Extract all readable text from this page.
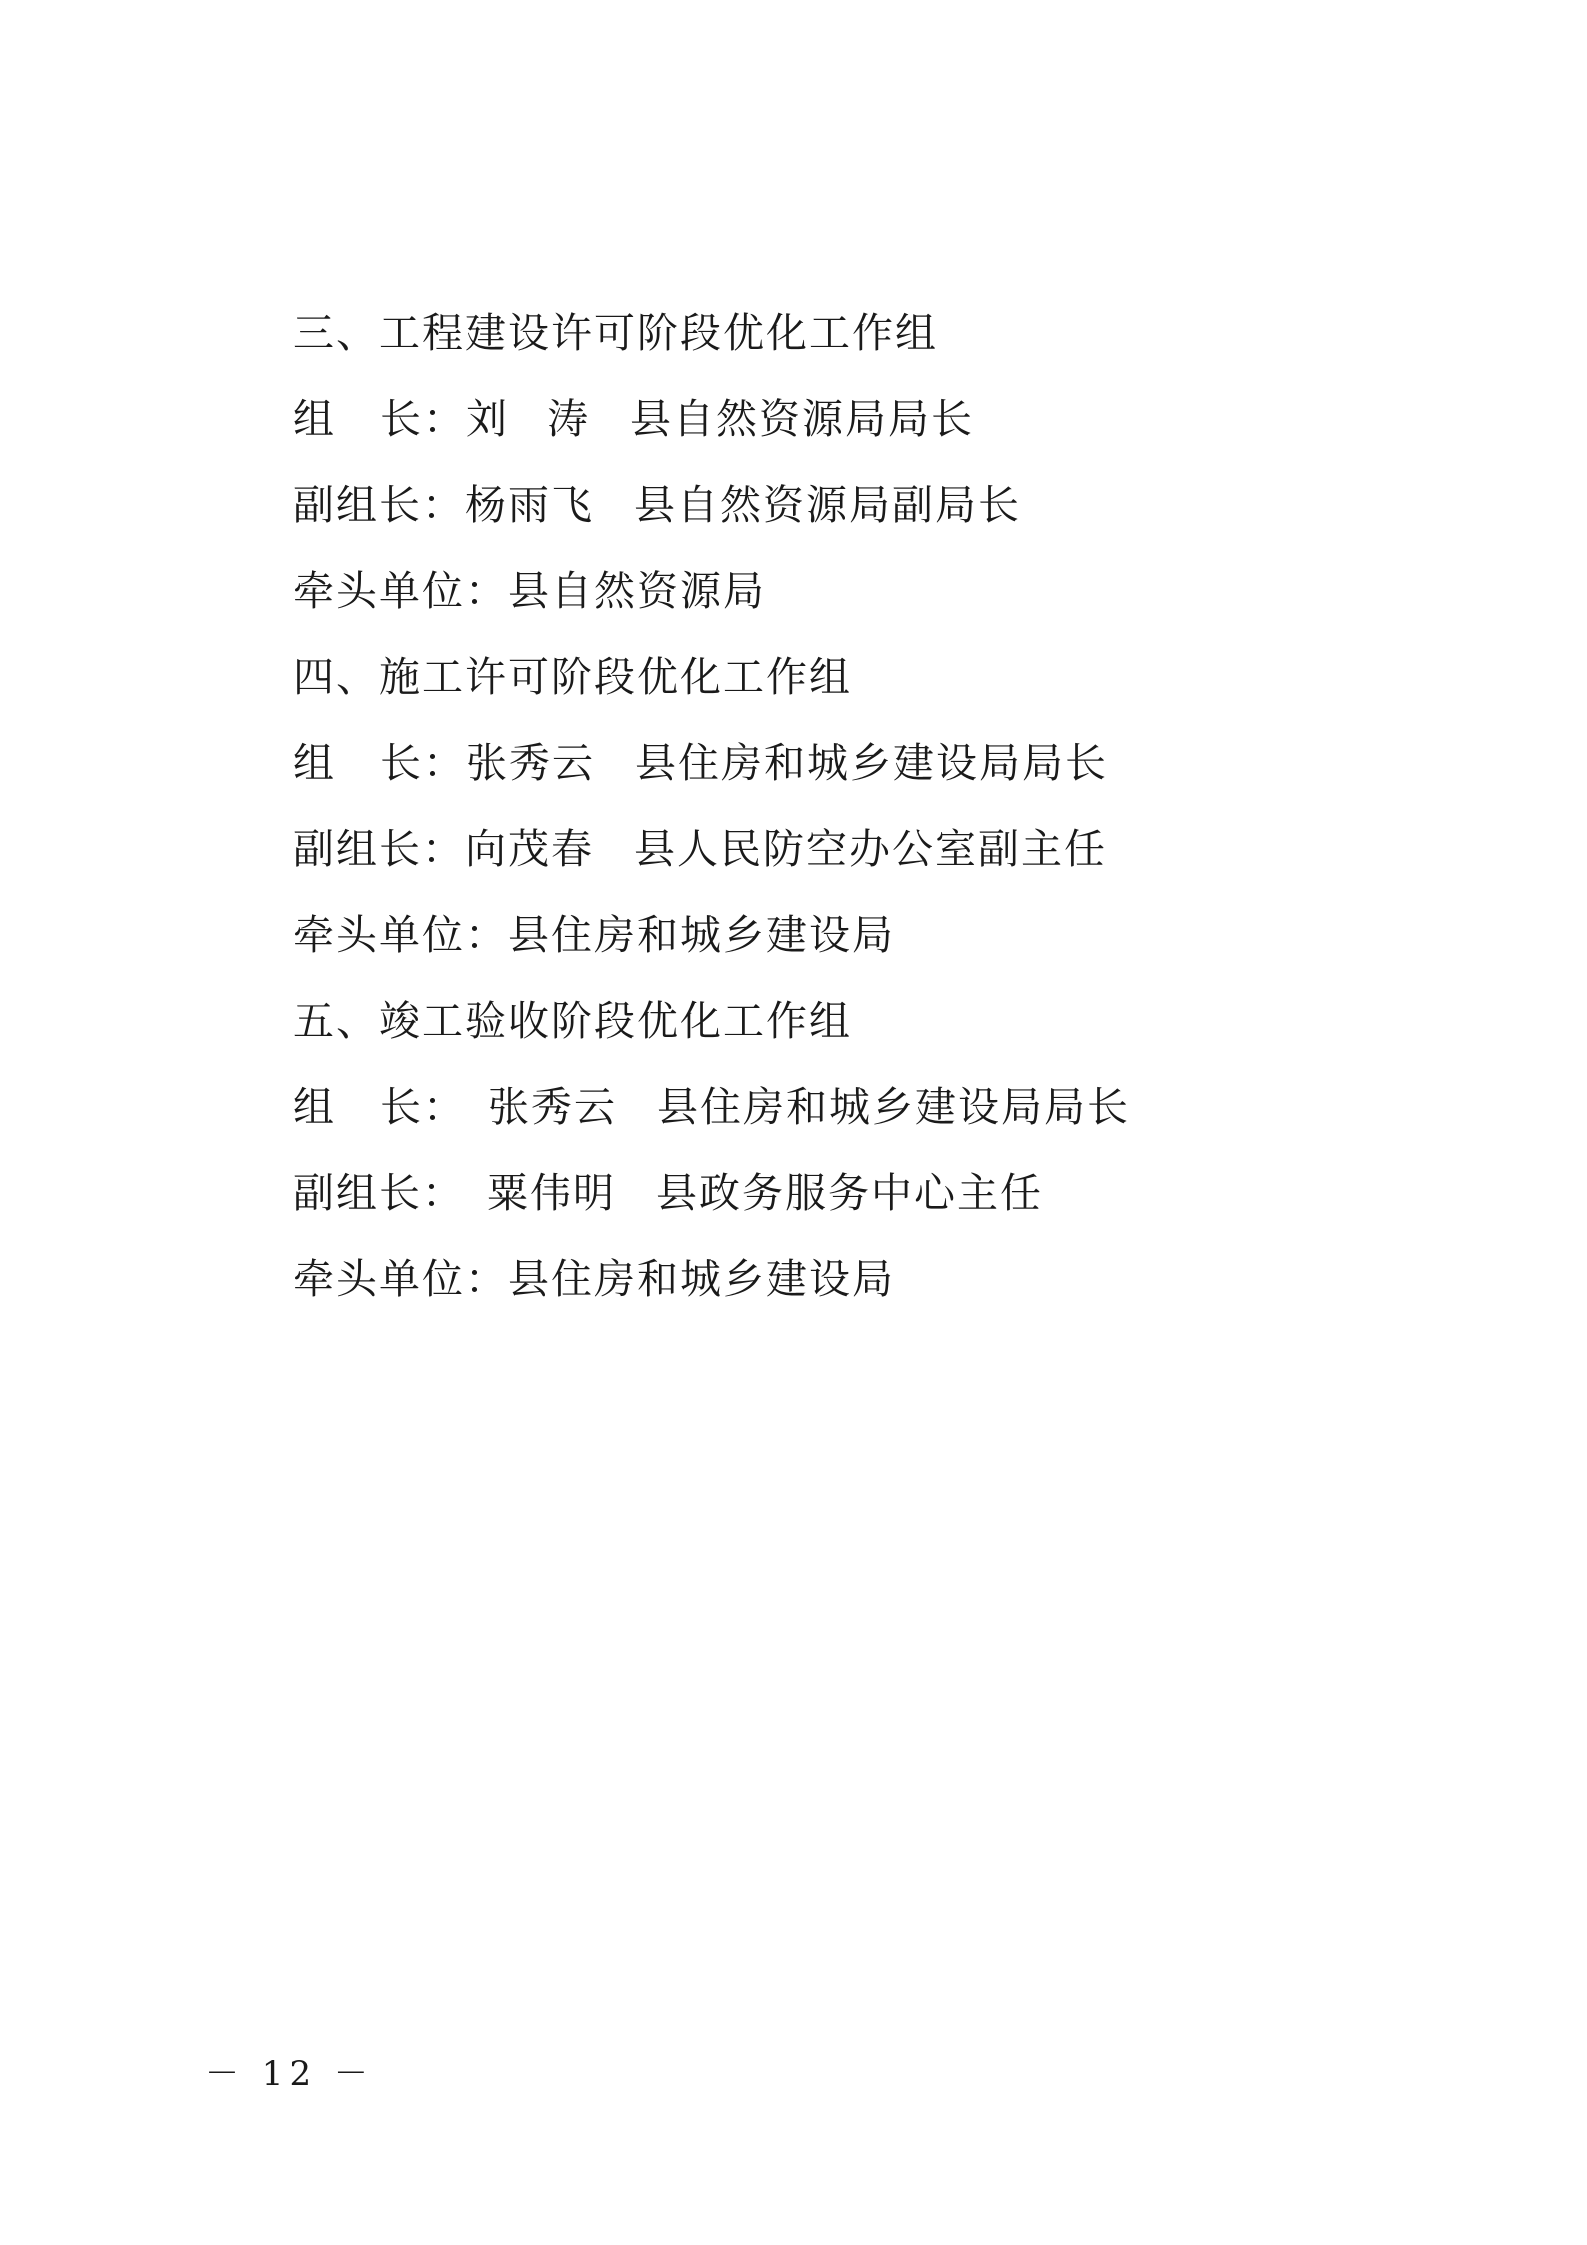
三、工程建设许可阶段优化工作组
组 长：刘 涛 县自然资源局局长
副组长：杨雨飞 县自然资源局副局长
牵头单位：县自然资源局
四、施工许可阶段优化工作组
组 长：张秀云 县住房和城乡建设局局长
副组长：向茂春 县人民防空办公室副主任
牵头单位：县住房和城乡建设局
五、竣工验收阶段优化工作组
组 长： 张秀云 县住房和城乡建设局局长
副组长： 粟伟明 县政务服务中心主任
牵头单位：县住房和城乡建设局
－ 12 －
